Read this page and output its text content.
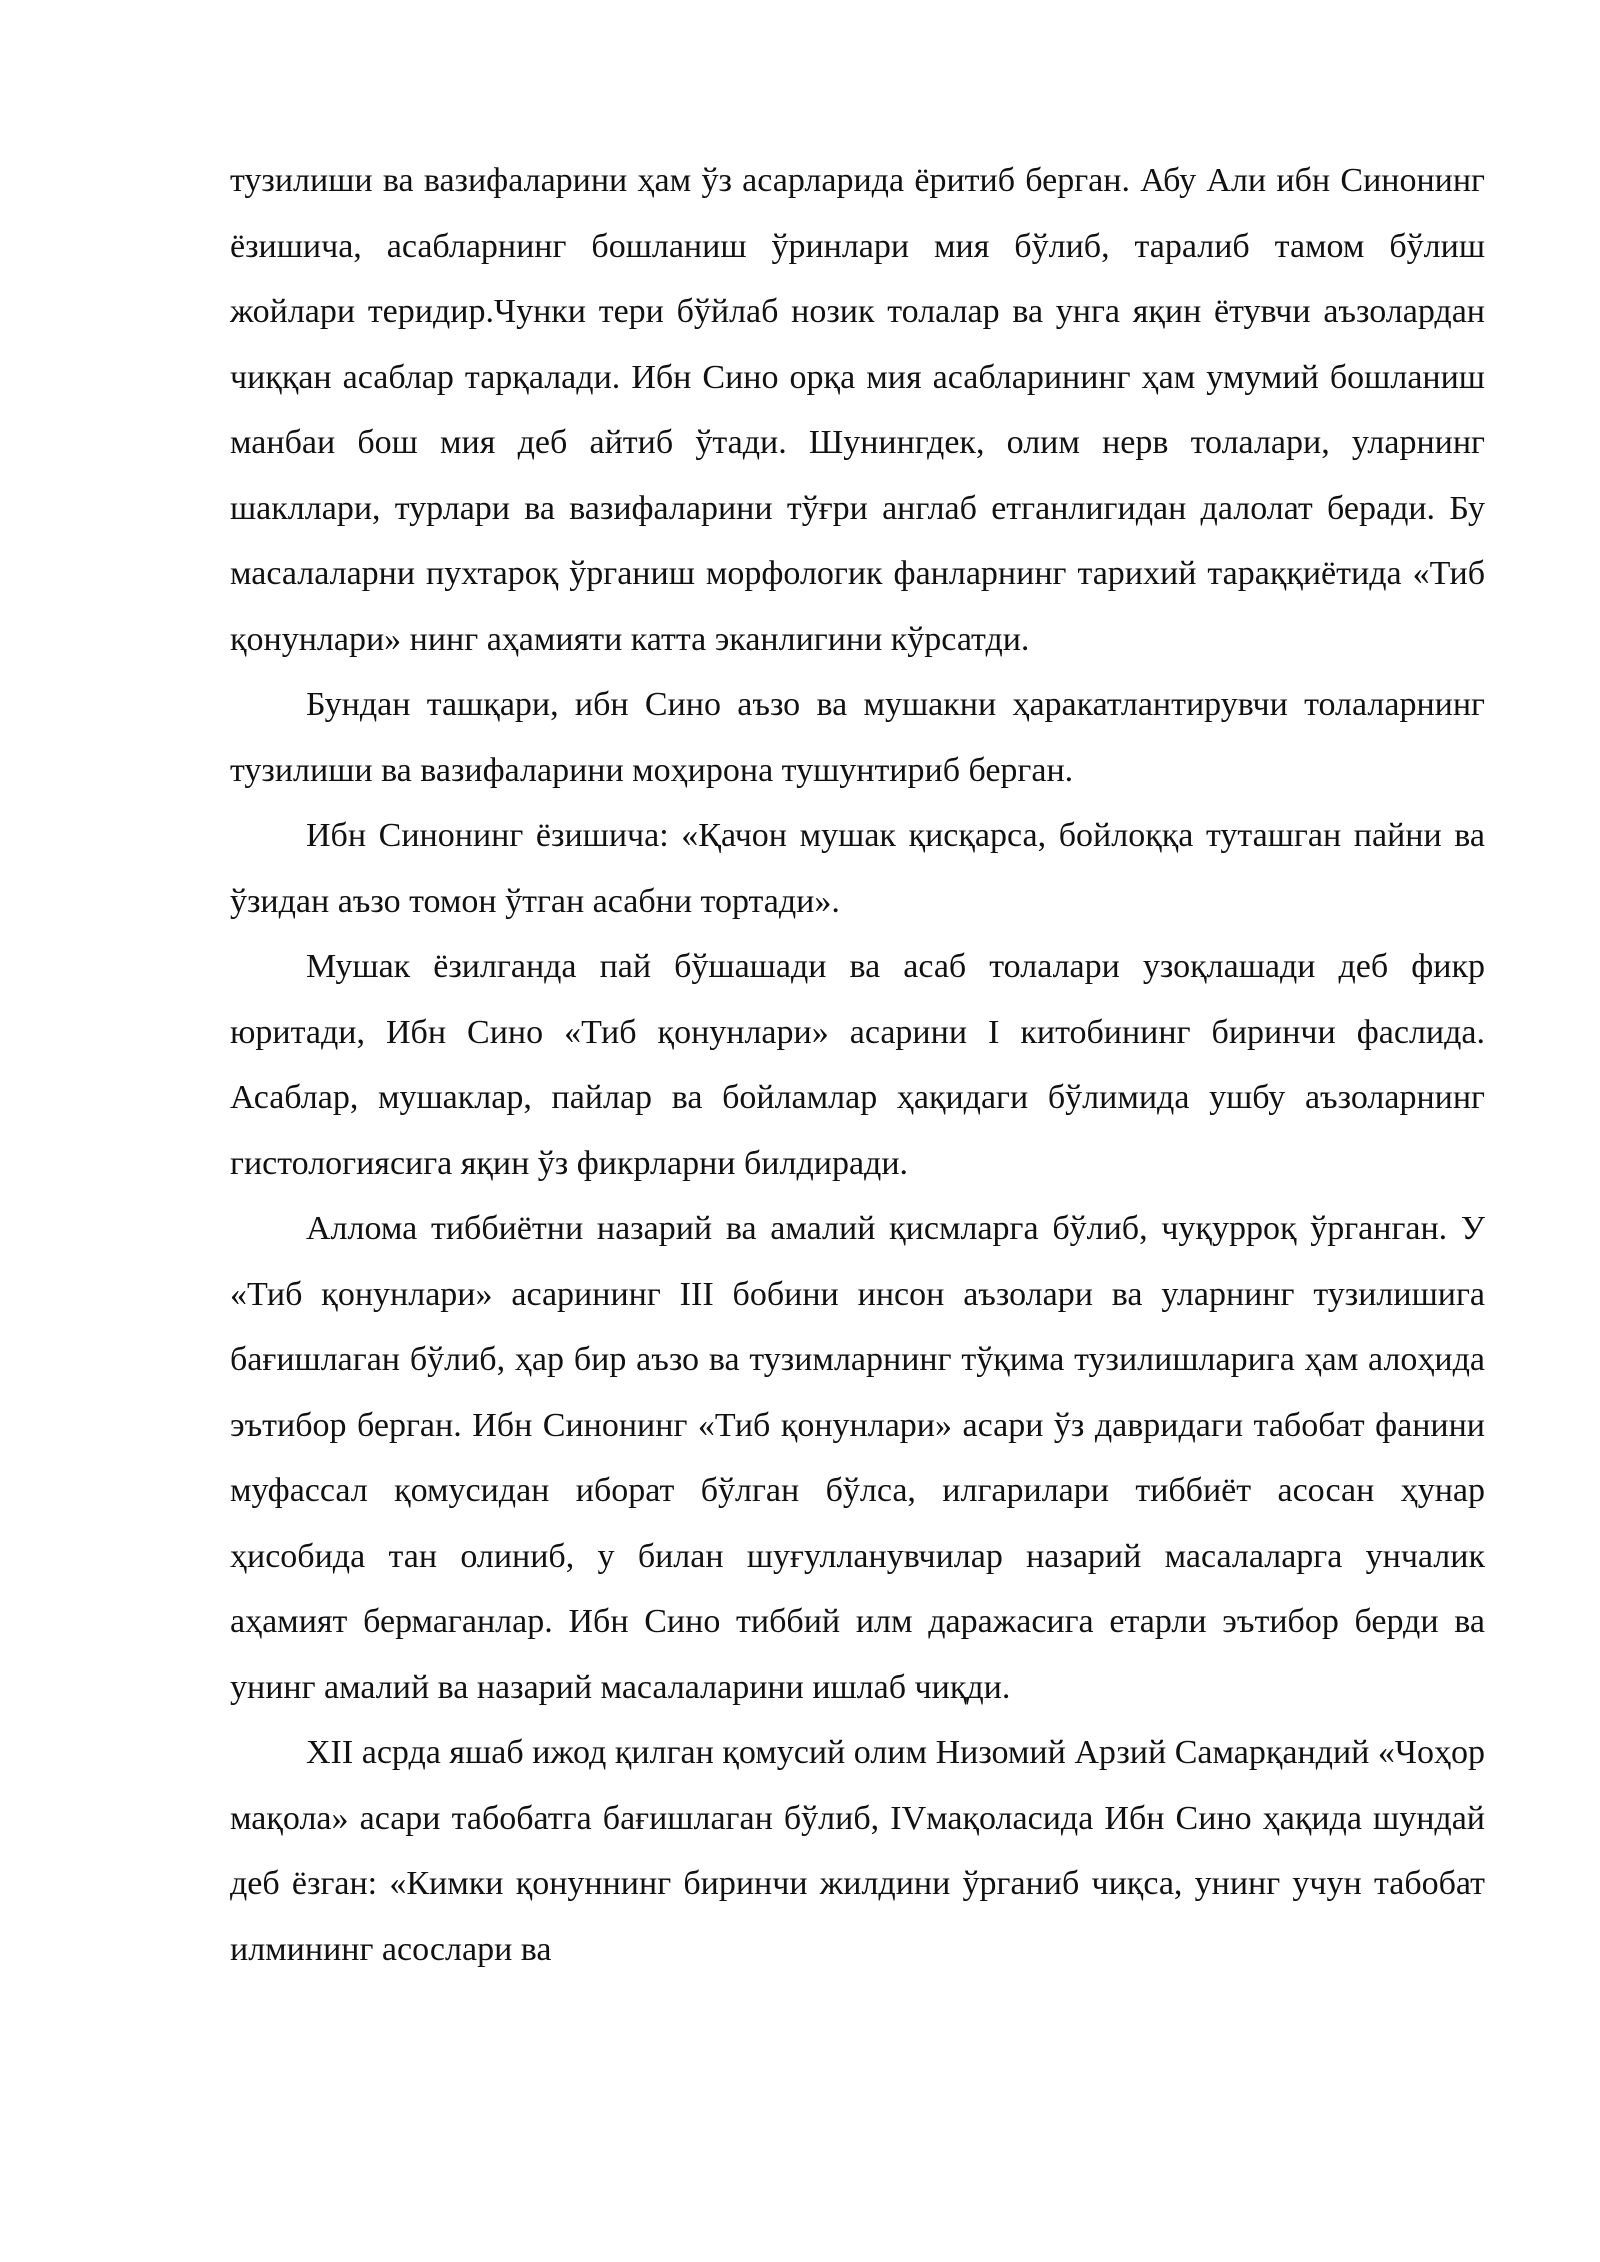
тузилиши ва вазифаларини ҳам ўз асарларида ёритиб берган. Абу Али ибн Синонинг ёзишича, асабларнинг бошланиш ўринлари мия бўлиб, таралиб тамом бўлиш жойлари теридир.Чунки тери бўйлаб нозик толалар ва унга яқин ётувчи аъзолардан чиққан асаблар тарқалади. Ибн Сино орқа мия асабларининг ҳам умумий бошланиш манбаи бош мия деб айтиб ўтади. Шунингдек, олим нерв толалари, уларнинг шакллари, турлари ва вазифаларини тўғри англаб етганлигидан далолат беради. Бу масалаларни пухтароқ ўрганиш морфологик фанларнинг тарихий тараққиётида «Тиб қонунлари» нинг аҳамияти катта эканлигини кўрсатди.

Бундан ташқари, ибн Сино аъзо ва мушакни ҳаракатлантирувчи толаларнинг тузилиши ва вазифаларини моҳирона тушунтириб берган.

Ибн Синонинг ёзишича: «Қачон мушак қисқарса, бойлоққа туташган пайни ва ўзидан аъзо томон ўтган асабни тортади».

Мушак ёзилганда пай бўшашади ва асаб толалари узоқлашади деб фикр юритади, Ибн Сино «Тиб қонунлари» асарини I китобининг биринчи фаслида. Асаблар, мушаклар, пайлар ва бойламлар ҳақидаги бўлимида ушбу аъзоларнинг гистологиясига яқин ўз фикрларни билдиради.

Аллома тиббиётни назарий ва амалий қисмларга бўлиб, чуқурроқ ўрганган. У «Тиб қонунлари» асарининг III бобини инсон аъзолари ва уларнинг тузилишига бағишлаган бўлиб, ҳар бир аъзо ва тузимларнинг тўқима тузилишларига ҳам алоҳида эътибор берган. Ибн Синонинг «Тиб қонунлари» асари ўз давридаги табобат фанини муфассал қомусидан иборат бўлган бўлса, илгарилари тиббиёт асосан ҳунар ҳисобида тан олиниб, у билан шуғулланувчилар назарий масалаларга унчалик аҳамият бермаганлар. Ибн Сино тиббий илм даражасига етарли эътибор берди ва унинг амалий ва назарий масалаларини ишлаб чиқди.

XII асрда яшаб ижод қилган қомусий олим Низомий Арзий Самарқандий «Чоҳор мақола» асари табобатга бағишлаган бўлиб, IVмақоласида Ибн Сино ҳақида шундай деб ёзган: «Кимки қонуннинг биринчи жилдини ўрганиб чиқса, унинг учун табобат илмининг асослари ва
